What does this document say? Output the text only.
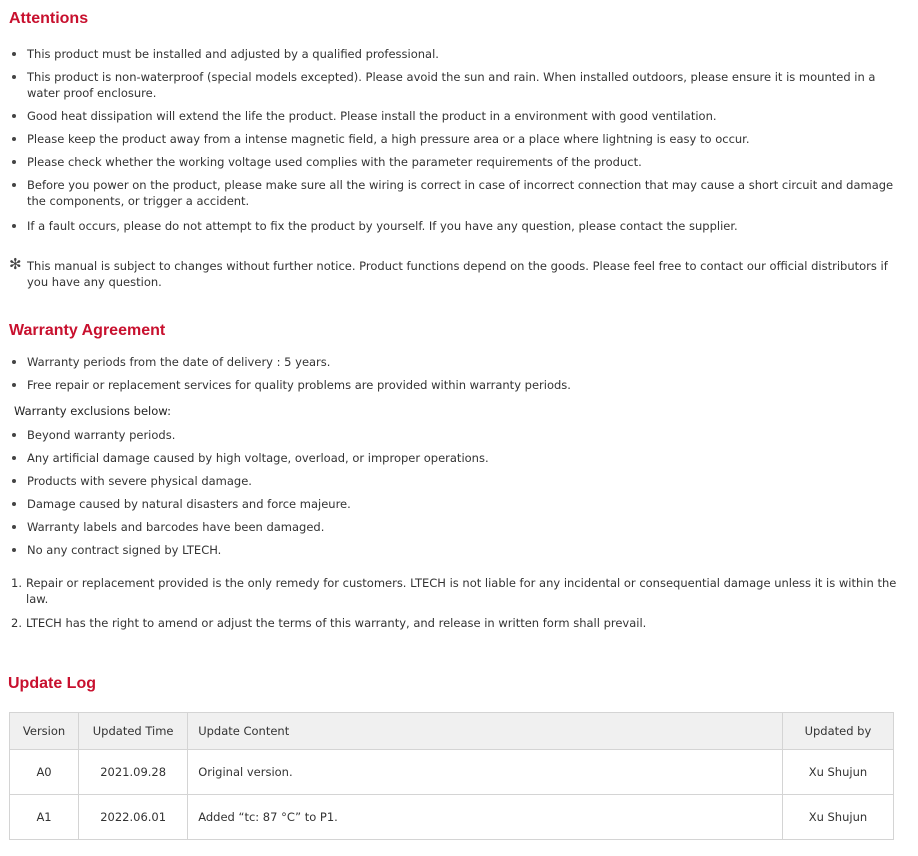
Attentions
This product must be installed and adjusted by a qualified professional.
This product is non-waterproof (special models excepted). Please avoid the sun and rain. When installed outdoors, please ensure it is mounted in a water proof enclosure.
Good heat dissipation will extend the life the product. Please install the product in a environment with good ventilation.
Please keep the product away from a intense magnetic field, a high pressure area or a place where lightning is easy to occur.
Please check whether the working voltage used complies with the parameter requirements of the product.
Before you power on the product, please make sure all the wiring is correct in case of incorrect connection that may cause a short circuit and damage the components, or trigger a accident.
If a fault occurs, please do not attempt to fix the product by yourself. If you have any question, please contact the supplier.
✻ This manual is subject to changes without further notice. Product functions depend on the goods. Please feel free to contact our official distributors if you have any question.
Warranty Agreement
Warranty periods from the date of delivery : 5 years.
Free repair or replacement services for quality problems are provided within warranty periods.
Warranty exclusions below:
Beyond warranty periods.
Any artificial damage caused by high voltage, overload, or improper operations.
Products with severe physical damage.
Damage caused by natural disasters and force majeure.
Warranty labels and barcodes have been damaged.
No any contract signed by LTECH.
1. Repair or replacement provided is the only remedy for customers. LTECH is not liable for any incidental or consequential damage unless it is within the law.
2. LTECH has the right to amend or adjust the terms of this warranty, and release in written form shall prevail.
Update Log
Version	Updated Time	Update Content	Updated by
A0	2021.09.28	Original version.	Xu Shujun
A1	2022.06.01	Added “tc: 87 °C” to P1.	Xu Shujun
